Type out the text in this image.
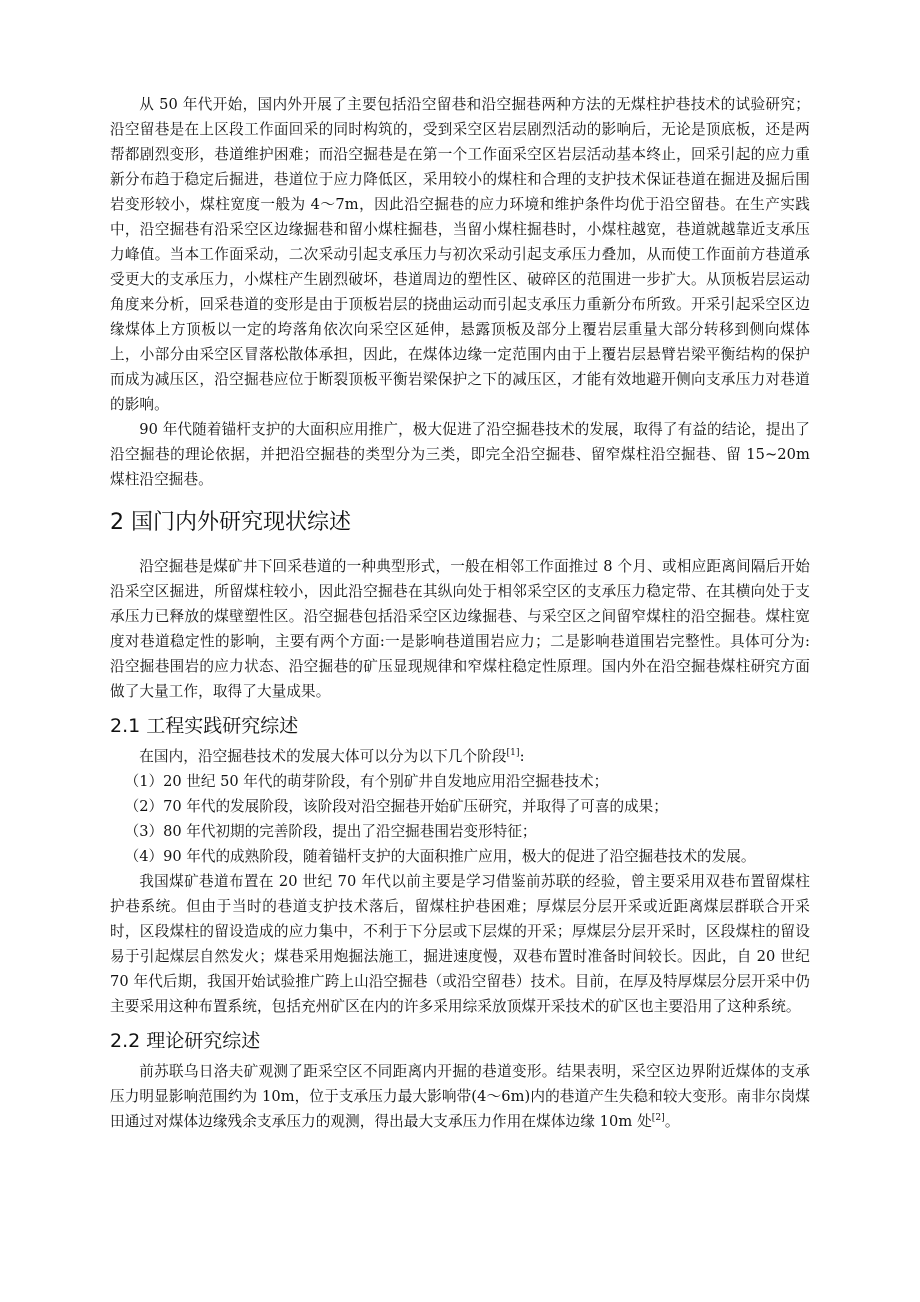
从 50 年代开始，国内外开展了主要包括沿空留巷和沿空掘巷两种方法的无煤柱护巷技术的试验研究；沿空留巷是在上区段工作面回采的同时构筑的，受到采空区岩层剧烈活动的影响后，无论是顶底板，还是两帮都剧烈变形，巷道维护困难；而沿空掘巷是在第一个工作面采空区岩层活动基本终止，回采引起的应力重新分布趋于稳定后掘进，巷道位于应力降低区，采用较小的煤柱和合理的支护技术保证巷道在掘进及掘后围岩变形较小，煤柱宽度一般为 4～7m，因此沿空掘巷的应力环境和维护条件均优于沿空留巷。在生产实践中，沿空掘巷有沿采空区边缘掘巷和留小煤柱掘巷，当留小煤柱掘巷时，小煤柱越宽，巷道就越靠近支承压力峰值。当本工作面采动，二次采动引起支承压力与初次采动引起支承压力叠加，从而使工作面前方巷道承受更大的支承压力，小煤柱产生剧烈破坏，巷道周边的塑性区、破碎区的范围进一步扩大。从顶板岩层运动角度来分析，回采巷道的变形是由于顶板岩层的挠曲运动而引起支承压力重新分布所致。开采引起采空区边缘煤体上方顶板以一定的垮落角依次向采空区延伸，悬露顶板及部分上覆岩层重量大部分转移到侧向煤体上，小部分由采空区冒落松散体承担，因此，在煤体边缘一定范围内由于上覆岩层悬臂岩梁平衡结构的保护而成为减压区，沿空掘巷应位于断裂顶板平衡岩梁保护之下的减压区，才能有效地避开侧向支承压力对巷道的影响。

90 年代随着锚杆支护的大面积应用推广，极大促进了沿空掘巷技术的发展，取得了有益的结论，提出了沿空掘巷的理论依据，并把沿空掘巷的类型分为三类，即完全沿空掘巷、留窄煤柱沿空掘巷、留 15~20m 煤柱沿空掘巷。

2 国门内外研究现状综述

沿空掘巷是煤矿井下回采巷道的一种典型形式，一般在相邻工作面推过 8 个月、或相应距离间隔后开始沿采空区掘进，所留煤柱较小，因此沿空掘巷在其纵向处于相邻采空区的支承压力稳定带、在其横向处于支承压力已释放的煤壁塑性区。沿空掘巷包括沿采空区边缘掘巷、与采空区之间留窄煤柱的沿空掘巷。煤柱宽度对巷道稳定性的影响，主要有两个方面:一是影响巷道围岩应力；二是影响巷道围岩完整性。具体可分为:沿空掘巷围岩的应力状态、沿空掘巷的矿压显现规律和窄煤柱稳定性原理。国内外在沿空掘巷煤柱研究方面做了大量工作，取得了大量成果。

2.1 工程实践研究综述

在国内，沿空掘巷技术的发展大体可以分为以下几个阶段[1]:

（1）20 世纪 50 年代的萌芽阶段，有个别矿井自发地应用沿空掘巷技术；

（2）70 年代的发展阶段，该阶段对沿空掘巷开始矿压研究，并取得了可喜的成果；

（3）80 年代初期的完善阶段，提出了沿空掘巷围岩变形特征；

（4）90 年代的成熟阶段，随着锚杆支护的大面积推广应用，极大的促进了沿空掘巷技术的发展。

我国煤矿巷道布置在 20 世纪 70 年代以前主要是学习借鉴前苏联的经验，曾主要采用双巷布置留煤柱护巷系统。但由于当时的巷道支护技术落后，留煤柱护巷困难；厚煤层分层开采或近距离煤层群联合开采时，区段煤柱的留设造成的应力集中，不利于下分层或下层煤的开采；厚煤层分层开采时，区段煤柱的留设易于引起煤层自然发火；煤巷采用炮掘法施工，掘进速度慢，双巷布置时准备时间较长。因此，自 20 世纪 70 年代后期，我国开始试验推广跨上山沿空掘巷（或沿空留巷）技术。目前，在厚及特厚煤层分层开采中仍主要采用这种布置系统，包括充州矿区在内的许多采用综采放顶煤开采技术的矿区也主要沿用了这种系统。

2.2 理论研究综述

前苏联乌日洛夫矿观测了距采空区不同距离内开掘的巷道变形。结果表明，采空区边界附近煤体的支承压力明显影响范围约为 10m，位于支承压力最大影响带(4～6m)内的巷道产生失稳和较大变形。南非尔岗煤田通过对煤体边缘残余支承压力的观测，得出最大支承压力作用在煤体边缘 10m 处[2]。
